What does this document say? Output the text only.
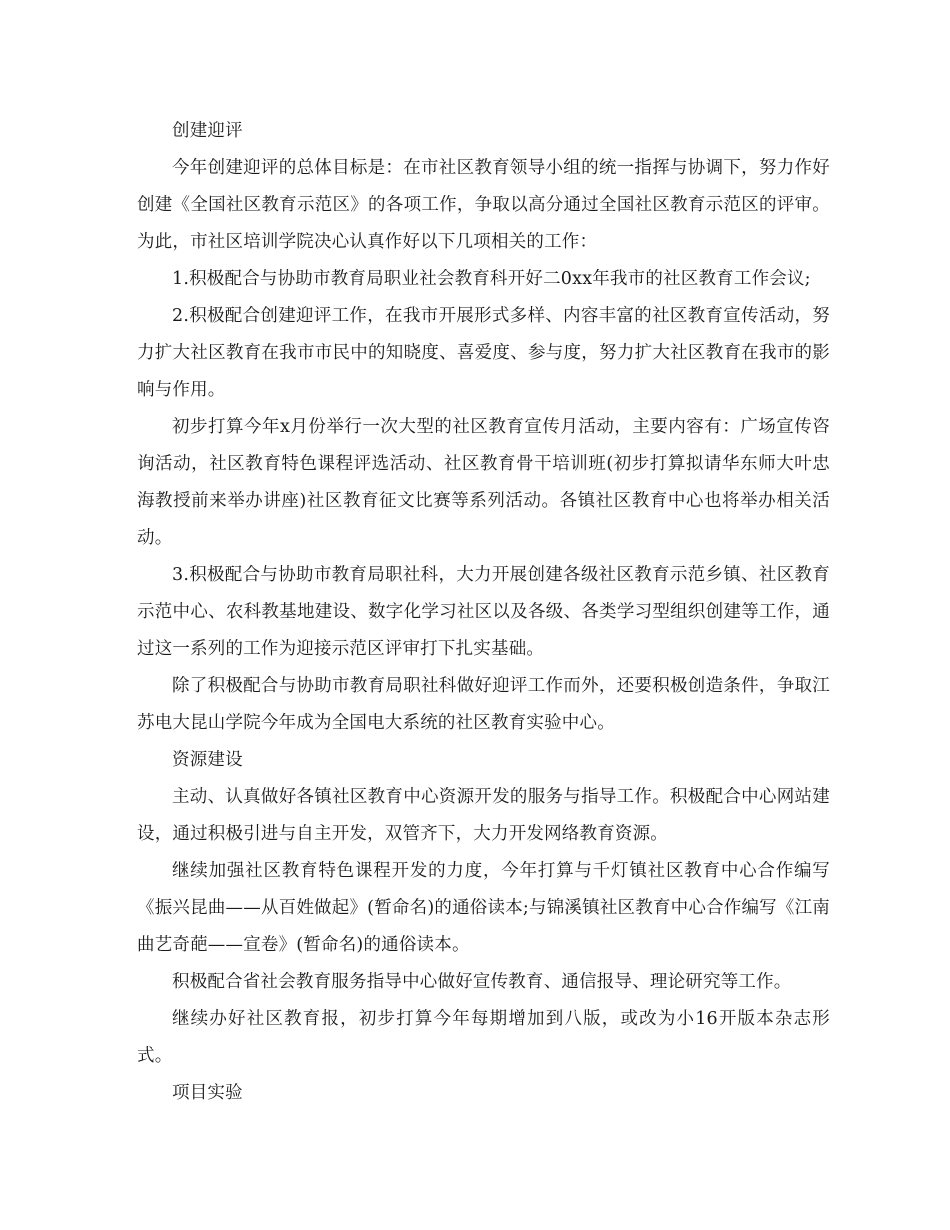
创建迎评

今年创建迎评的总体目标是：在市社区教育领导小组的统一指挥与协调下，努力作好创建《全国社区教育示范区》的各项工作，争取以高分通过全国社区教育示范区的评审。为此，市社区培训学院决心认真作好以下几项相关的工作：

1.积极配合与协助市教育局职业社会教育科开好二0xx年我市的社区教育工作会议;

2.积极配合创建迎评工作，在我市开展形式多样、内容丰富的社区教育宣传活动，努力扩大社区教育在我市市民中的知晓度、喜爱度、参与度，努力扩大社区教育在我市的影响与作用。

初步打算今年x月份举行一次大型的社区教育宣传月活动，主要内容有：广场宣传咨询活动，社区教育特色课程评选活动、社区教育骨干培训班(初步打算拟请华东师大叶忠海教授前来举办讲座)社区教育征文比赛等系列活动。各镇社区教育中心也将举办相关活动。

3.积极配合与协助市教育局职社科，大力开展创建各级社区教育示范乡镇、社区教育示范中心、农科教基地建设、数字化学习社区以及各级、各类学习型组织创建等工作，通过这一系列的工作为迎接示范区评审打下扎实基础。

除了积极配合与协助市教育局职社科做好迎评工作而外，还要积极创造条件，争取江苏电大昆山学院今年成为全国电大系统的社区教育实验中心。

资源建设

主动、认真做好各镇社区教育中心资源开发的服务与指导工作。积极配合中心网站建设，通过积极引进与自主开发，双管齐下，大力开发网络教育资源。

继续加强社区教育特色课程开发的力度，今年打算与千灯镇社区教育中心合作编写《振兴昆曲——从百姓做起》(暂命名)的通俗读本;与锦溪镇社区教育中心合作编写《江南曲艺奇葩——宣卷》(暂命名)的通俗读本。

积极配合省社会教育服务指导中心做好宣传教育、通信报导、理论研究等工作。

继续办好社区教育报，初步打算今年每期增加到八版，或改为小16开版本杂志形式。

项目实验
